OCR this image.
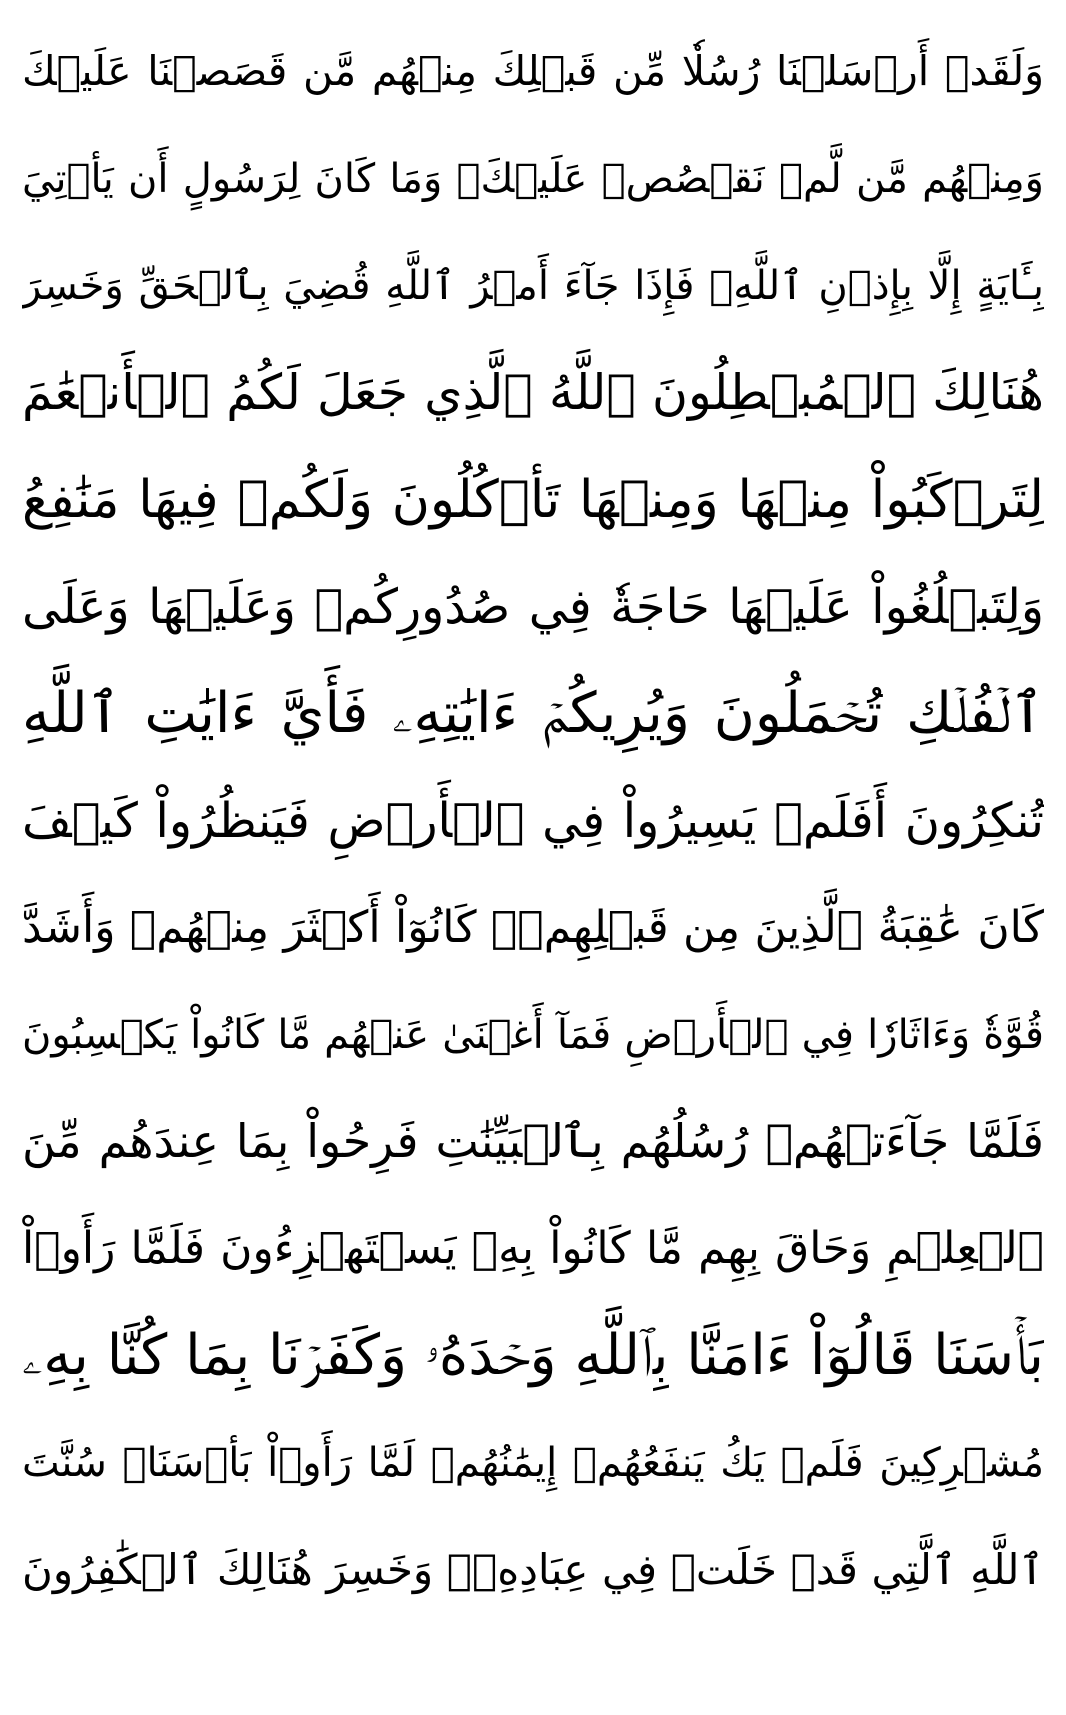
وَلَقَدۡ أَرۡسَلۡنَا رُسُلٗا مِّن قَبۡلِكَ مِنۡهُم مَّن قَصَصۡنَا عَلَيۡكَ
وَمِنۡهُم مَّن لَّمۡ نَقۡصُصۡ عَلَيۡكَۗ وَمَا كَانَ لِرَسُولٍ أَن يَأۡتِيَ
بِـَٔايَةٍ إِلَّا بِإِذۡنِ ٱللَّهِۚ فَإِذَا جَآءَ أَمۡرُ ٱللَّهِ قُضِيَ بِٱلۡحَقِّ وَخَسِرَ
هُنَالِكَ ٱلۡمُبۡطِلُونَ ٱللَّهُ ٱلَّذِي جَعَلَ لَكُمُ ٱلۡأَنۡعَٰمَ
لِتَرۡكَبُواْ مِنۡهَا وَمِنۡهَا تَأۡكُلُونَ وَلَكُمۡ فِيهَا مَنَٰفِعُ
وَلِتَبۡلُغُواْ عَلَيۡهَا حَاجَةٗ فِي صُدُورِكُمۡ وَعَلَيۡهَا وَعَلَى
ٱلۡفُلۡكِ تُحۡمَلُونَ وَيُرِيكُمۡ ءَايَٰتِهِۦ فَأَيَّ ءَايَٰتِ ٱللَّهِ
تُنكِرُونَ أَفَلَمۡ يَسِيرُواْ فِي ٱلۡأَرۡضِ فَيَنظُرُواْ كَيۡفَ
كَانَ عَٰقِبَةُ ٱلَّذِينَ مِن قَبۡلِهِمۡۚ كَانُوٓاْ أَكۡثَرَ مِنۡهُمۡ وَأَشَدَّ
قُوَّةٗ وَءَاثَارٗا فِي ٱلۡأَرۡضِ فَمَآ أَغۡنَىٰ عَنۡهُم مَّا كَانُواْ يَكۡسِبُونَ
فَلَمَّا جَآءَتۡهُمۡ رُسُلُهُم بِٱلۡبَيِّنَٰتِ فَرِحُواْ بِمَا عِندَهُم مِّنَ
ٱلۡعِلۡمِ وَحَاقَ بِهِم مَّا كَانُواْ بِهِۦ يَسۡتَهۡزِءُونَ فَلَمَّا رَأَوۡاْ
بَأۡسَنَا قَالُوٓاْ ءَامَنَّا بِٱللَّهِ وَحۡدَهُۥ وَكَفَرۡنَا بِمَا كُنَّا بِهِۦ
مُشۡرِكِينَ فَلَمۡ يَكُ يَنفَعُهُمۡ إِيمَٰنُهُمۡ لَمَّا رَأَوۡاْ بَأۡسَنَاۖ سُنَّتَ
ٱللَّهِ ٱلَّتِي قَدۡ خَلَتۡ فِي عِبَادِهِۦۖ وَخَسِرَ هُنَالِكَ ٱلۡكَٰفِرُونَ
